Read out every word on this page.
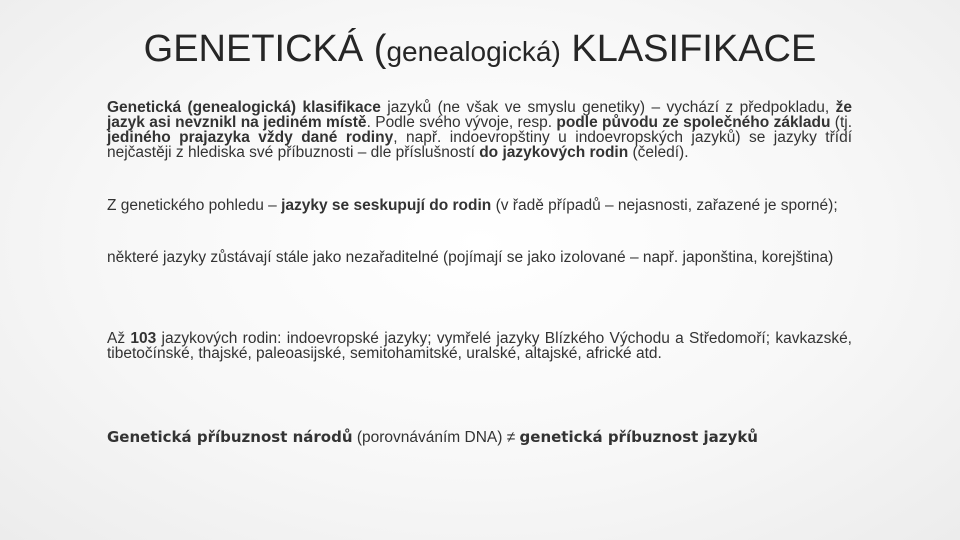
GENETICKÁ (genealogická) KLASIFIKACE
Genetická (genealogická) klasifikace jazyků (ne však ve smyslu genetiky) – vychází z předpokladu, že jazyk asi nevznikl na jediném místě. Podle svého vývoje, resp. podle původu ze společného základu (tj. jediného prajazyka vždy dané rodiny, např. indoevropštiny u indoevropských jazyků) se jazyky třídí nejčastěji z hlediska své příbuznosti – dle příslušností do jazykových rodin (čeledí).
Z genetického pohledu – jazyky se seskupují do rodin (v řadě případů – nejasnosti, zařazené je sporné);
některé jazyky zůstávají stále jako nezařaditelné (pojímají se jako izolované – např. japonština, korejština)
Až 103 jazykových rodin: indoevropské jazyky; vymřelé jazyky Blízkého Východu a Středomoří; kavkazské, tibetočínské, thajské, paleoasijské, semitohamitské, uralské, altajské, africké atd.
Genetická příbuznost národů (porovnáváním DNA) ≠ genetická příbuznost jazyků
